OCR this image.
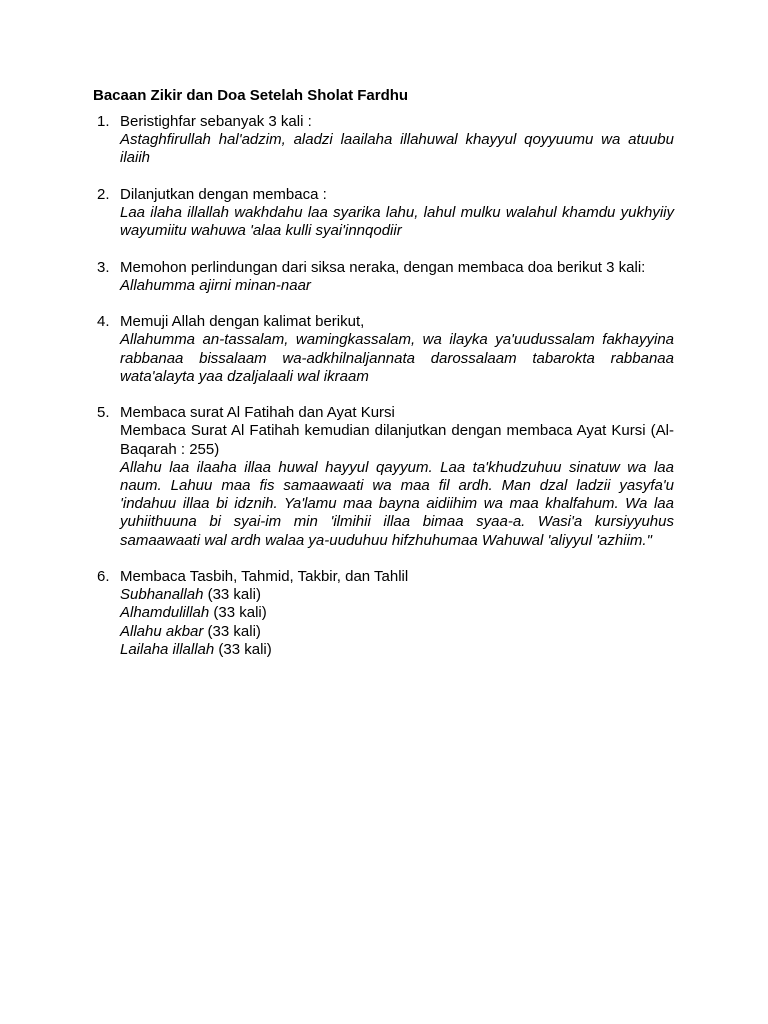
Bacaan Zikir dan Doa Setelah Sholat Fardhu
1. Beristighfar sebanyak 3 kali :
Astaghfirullah hal'adzim, aladzi laailaha illahuwal khayyul qoyyuumu wa atuubu ilaiih
2. Dilanjutkan dengan membaca :
Laa ilaha illallah wakhdahu laa syarika lahu, lahul mulku walahul khamdu yukhyiiy wayumiitu wahuwa 'alaa kulli syai'innqodiir
3. Memohon perlindungan dari siksa neraka, dengan membaca doa berikut 3 kali:
Allahumma ajirni minan-naar
4. Memuji Allah dengan kalimat berikut,
Allahumma an-tassalam, wamingkassalam, wa ilayka ya'uudussalam fakhayyina rabbanaa bissalaam wa-adkhilnaljannata darossalaam tabarokta rabbanaa wata'alayta yaa dzaljalaali wal ikraam
5. Membaca surat Al Fatihah dan Ayat Kursi
Membaca Surat Al Fatihah kemudian dilanjutkan dengan membaca Ayat Kursi (Al-Baqarah : 255)
Allahu laa ilaaha illaa huwal hayyul qayyum. Laa ta'khudzuhuu sinatuw wa laa naum. Lahuu maa fis samaawaati wa maa fil ardh. Man dzal ladzii yasyfa'u 'indahuu illaa bi idznih. Ya'lamu maa bayna aidiihim wa maa khalfahum. Wa laa yuhiithuuna bi syai-im min 'ilmihii illaa bimaa syaa-a. Wasi'a kursiyyuhus samaawaati wal ardh walaa ya-uuduhuu hifzhuhumaa Wahuwal 'aliyyul 'azhiim."
6. Membaca Tasbih, Tahmid, Takbir, dan Tahlil
Subhanallah (33 kali)
Alhamdulillah (33 kali)
Allahu akbar (33 kali)
Lailaha illallah (33 kali)
